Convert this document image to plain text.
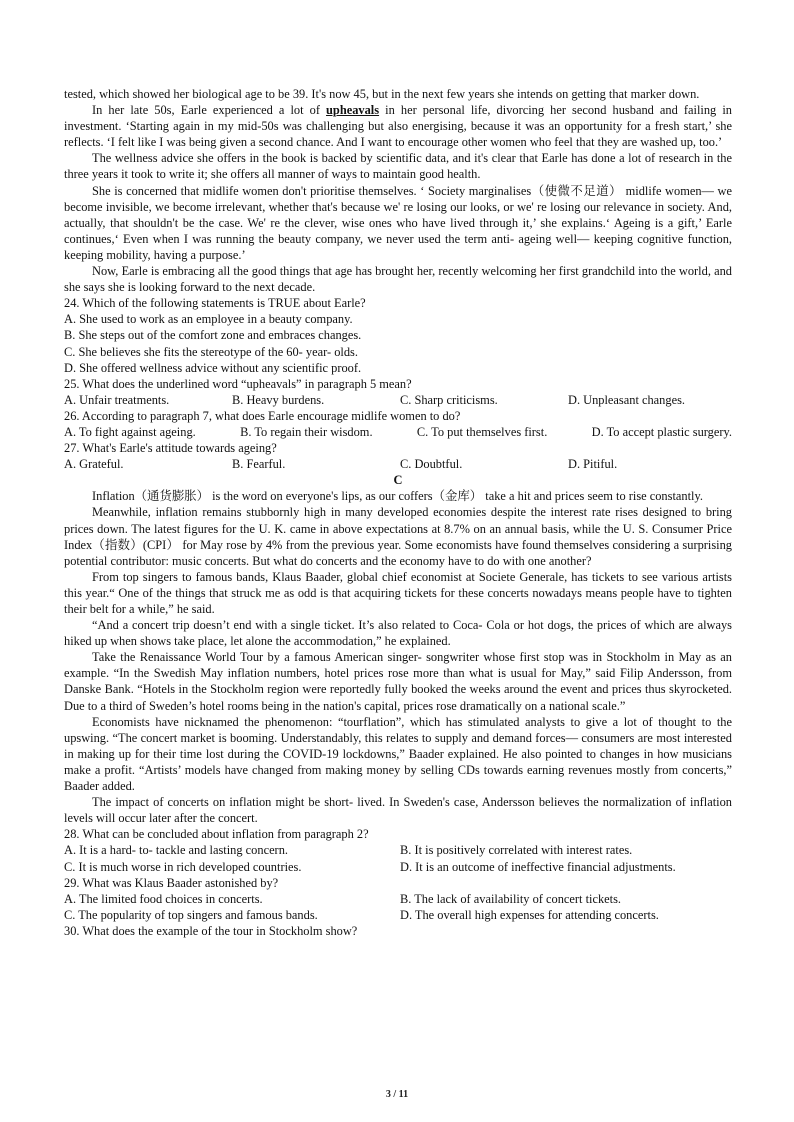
tested, which showed her biological age to be 39. It's now 45, but in the next few years she intends on getting that marker down.

In her late 50s, Earle experienced a lot of upheavals in her personal life, divorcing her second husband and failing in investment. ‘Starting again in my mid-50s was challenging but also energising, because it was an opportunity for a fresh start,’ she reflects. ‘I felt like I was being given a second chance. And I want to encourage other women who feel that they are washed up, too.’

The wellness advice she offers in the book is backed by scientific data, and it's clear that Earle has done a lot of research in the three years it took to write it; she offers all manner of ways to maintain good health.

She is concerned that midlife women don't prioritise themselves. ‘ Society marginalises（使微不足道） midlife women— we become invisible, we become irrelevant, whether that's because we' re losing our looks, or we' re losing our relevance in society. And, actually, that shouldn't be the case. We' re the clever, wise ones who have lived through it,’ she explains.‘ Ageing is a gift,’ Earle continues,‘ Even when I was running the beauty company, we never used the term anti- ageing well— keeping cognitive function, keeping mobility, having a purpose.’

Now, Earle is embracing all the good things that age has brought her, recently welcoming her first grandchild into the world, and she says she is looking forward to the next decade.

24. Which of the following statements is TRUE about Earle?

A. She used to work as an employee in a beauty company.

B. She steps out of the comfort zone and embraces changes.

C. She believes she fits the stereotype of the 60- year- olds.

D. She offered wellness advice without any scientific proof.

25. What does the underlined word “upheavals” in paragraph 5 mean?

A. Unfair treatments.	B. Heavy burdens.	C. Sharp criticisms.	D. Unpleasant changes.

26. According to paragraph 7, what does Earle encourage midlife women to do?

A. To fight against ageing.	B. To regain their wisdom.	C. To put themselves first.	D. To accept plastic surgery.

27. What's Earle's attitude towards ageing?

A. Grateful.	B. Fearful.	C. Doubtful.	D. Pitiful.

C

Inflation（通货膨胀） is the word on everyone's lips, as our coffers（金库） take a hit and prices seem to rise constantly.

Meanwhile, inflation remains stubbornly high in many developed economies despite the interest rate rises designed to bring prices down. The latest figures for the U. K. came in above expectations at 8.7% on an annual basis, while the U. S. Consumer Price Index（指数）(CPI） for May rose by 4% from the previous year. Some economists have found themselves considering a surprising potential contributor: music concerts. But what do concerts and the economy have to do with one another?

From top singers to famous bands, Klaus Baader, global chief economist at Societe Generale, has tickets to see various artists this year.“ One of the things that struck me as odd is that acquiring tickets for these concerts nowadays means people have to tighten their belt for a while,” he said.

“And a concert trip doesn’t end with a single ticket. It’s also related to Coca- Cola or hot dogs, the prices of which are always hiked up when shows take place, let alone the accommodation,” he explained.

Take the Renaissance World Tour by a famous American singer- songwriter whose first stop was in Stockholm in May as an example. “In the Swedish May inflation numbers, hotel prices rose more than what is usual for May,” said Filip Andersson, from Danske Bank. “Hotels in the Stockholm region were reportedly fully booked the weeks around the event and prices thus skyrocketed. Due to a third of Sweden’s hotel rooms being in the nation's capital, prices rose dramatically on a national scale.”

Economists have nicknamed the phenomenon: “tourflation”, which has stimulated analysts to give a lot of thought to the upswing. “The concert market is booming. Understandably, this relates to supply and demand forces— consumers are most interested in making up for their time lost during the COVID-19 lockdowns,” Baader explained. He also pointed to changes in how musicians make a profit. “Artists’ models have changed from making money by selling CDs towards earning revenues mostly from concerts,” Baader added.

The impact of concerts on inflation might be short- lived. In Sweden's case, Andersson believes the normalization of inflation levels will occur later after the concert.

28. What can be concluded about inflation from paragraph 2?

A. It is a hard- to- tackle and lasting concern.	B. It is positively correlated with interest rates.
C. It is much worse in rich developed countries.	D. It is an outcome of ineffective financial adjustments.

29. What was Klaus Baader astonished by?

A. The limited food choices in concerts.	B. The lack of availability of concert tickets.
C. The popularity of top singers and famous bands.	D. The overall high expenses for attending concerts.

30. What does the example of the tour in Stockholm show?

3 / 11
